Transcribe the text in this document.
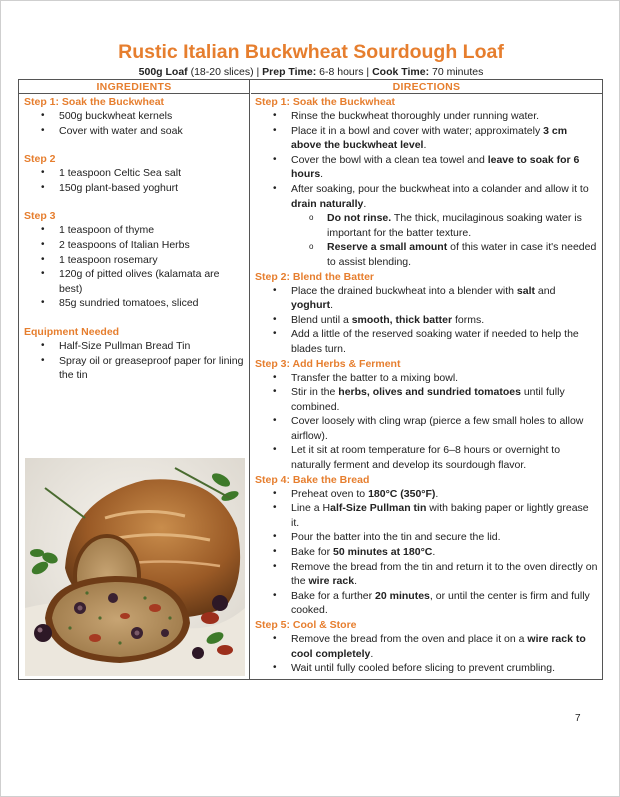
Rustic Italian Buckwheat Sourdough Loaf
500g Loaf (18-20 slices) | Prep Time: 6-8 hours | Cook Time: 70 minutes
INGREDIENTS
Step 1: Soak the Buckwheat
• 500g buckwheat kernels
• Cover with water and soak
Step 2
• 1 teaspoon Celtic Sea salt
• 150g plant-based yoghurt
Step 3
• 1 teaspoon of thyme
• 2 teaspoons of Italian Herbs
• 1 teaspoon rosemary
• 120g of pitted olives (kalamata are best)
• 85g sundried tomatoes, sliced
Equipment Needed
• Half-Size Pullman Bread Tin
• Spray oil or greaseproof paper for lining the tin
DIRECTIONS
Step 1: Soak the Buckwheat
• Rinse the buckwheat thoroughly under running water.
• Place it in a bowl and cover with water; approximately 3 cm above the buckwheat level.
• Cover the bowl with a clean tea towel and leave to soak for 6 hours.
• After soaking, pour the buckwheat into a colander and allow it to drain naturally.
o Do not rinse. The thick, mucilaginous soaking water is important for the batter texture.
o Reserve a small amount of this water in case it's needed to assist blending.
Step 2: Blend the Batter
• Place the drained buckwheat into a blender with salt and yoghurt.
• Blend until a smooth, thick batter forms.
• Add a little of the reserved soaking water if needed to help the blades turn.
Step 3: Add Herbs & Ferment
• Transfer the batter to a mixing bowl.
• Stir in the herbs, olives and sundried tomatoes until fully combined.
• Cover loosely with cling wrap (pierce a few small holes to allow airflow).
• Let it sit at room temperature for 6–8 hours or overnight to naturally ferment and develop its sourdough flavor.
Step 4: Bake the Bread
• Preheat oven to 180°C (350°F).
• Line a Half-Size Pullman tin with baking paper or lightly grease it.
• Pour the batter into the tin and secure the lid.
• Bake for 50 minutes at 180°C.
• Remove the bread from the tin and return it to the oven directly on the wire rack.
• Bake for a further 20 minutes, or until the center is firm and fully cooked.
Step 5: Cool & Store
• Remove the bread from the oven and place it on a wire rack to cool completely.
• Wait until fully cooled before slicing to prevent crumbling.
7
